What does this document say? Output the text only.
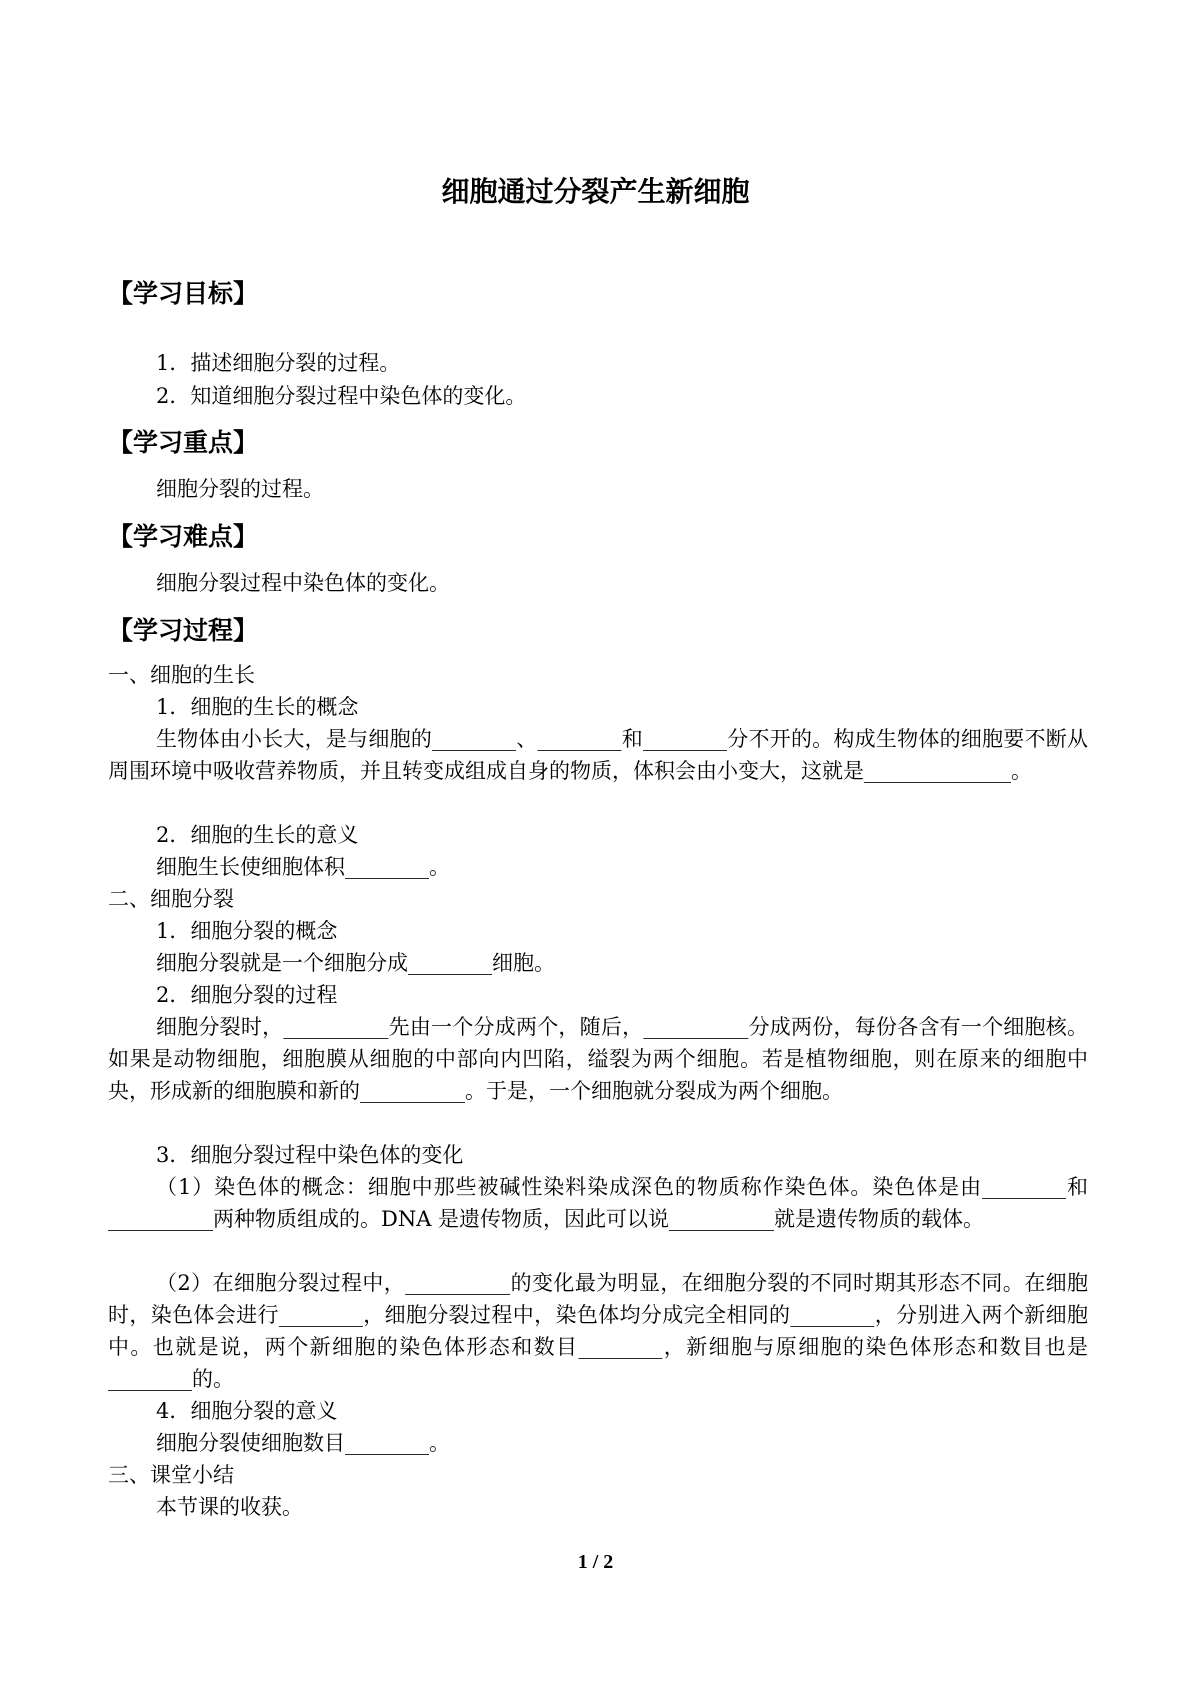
细胞通过分裂产生新细胞
【学习目标】
1．描述细胞分裂的过程。
2．知道细胞分裂过程中染色体的变化。
【学习重点】
细胞分裂的过程。
【学习难点】
细胞分裂过程中染色体的变化。
【学习过程】
一、细胞的生长
1．细胞的生长的概念
生物体由小长大，是与细胞的________、________和________分不开的。构成生物体的细胞要不断从周围环境中吸收营养物质，并且转变成组成自身的物质，体积会由小变大，这就是______________。
2．细胞的生长的意义
细胞生长使细胞体积________。
二、细胞分裂
1．细胞分裂的概念
细胞分裂就是一个细胞分成________细胞。
2．细胞分裂的过程
细胞分裂时，__________先由一个分成两个，随后，__________分成两份，每份各含有一个细胞核。如果是动物细胞，细胞膜从细胞的中部向内凹陷，缢裂为两个细胞。若是植物细胞，则在原来的细胞中央，形成新的细胞膜和新的__________。于是，一个细胞就分裂成为两个细胞。
3．细胞分裂过程中染色体的变化
（1）染色体的概念：细胞中那些被碱性染料染成深色的物质称作染色体。染色体是由________和__________两种物质组成的。DNA 是遗传物质，因此可以说__________就是遗传物质的载体。
（2）在细胞分裂过程中，__________的变化最为明显，在细胞分裂的不同时期其形态不同。在细胞时，染色体会进行________，细胞分裂过程中，染色体均分成完全相同的________，分别进入两个新细胞中。也就是说，两个新细胞的染色体形态和数目________，新细胞与原细胞的染色体形态和数目也是________的。
4．细胞分裂的意义
细胞分裂使细胞数目________。
三、课堂小结
本节课的收获。
1 / 2
